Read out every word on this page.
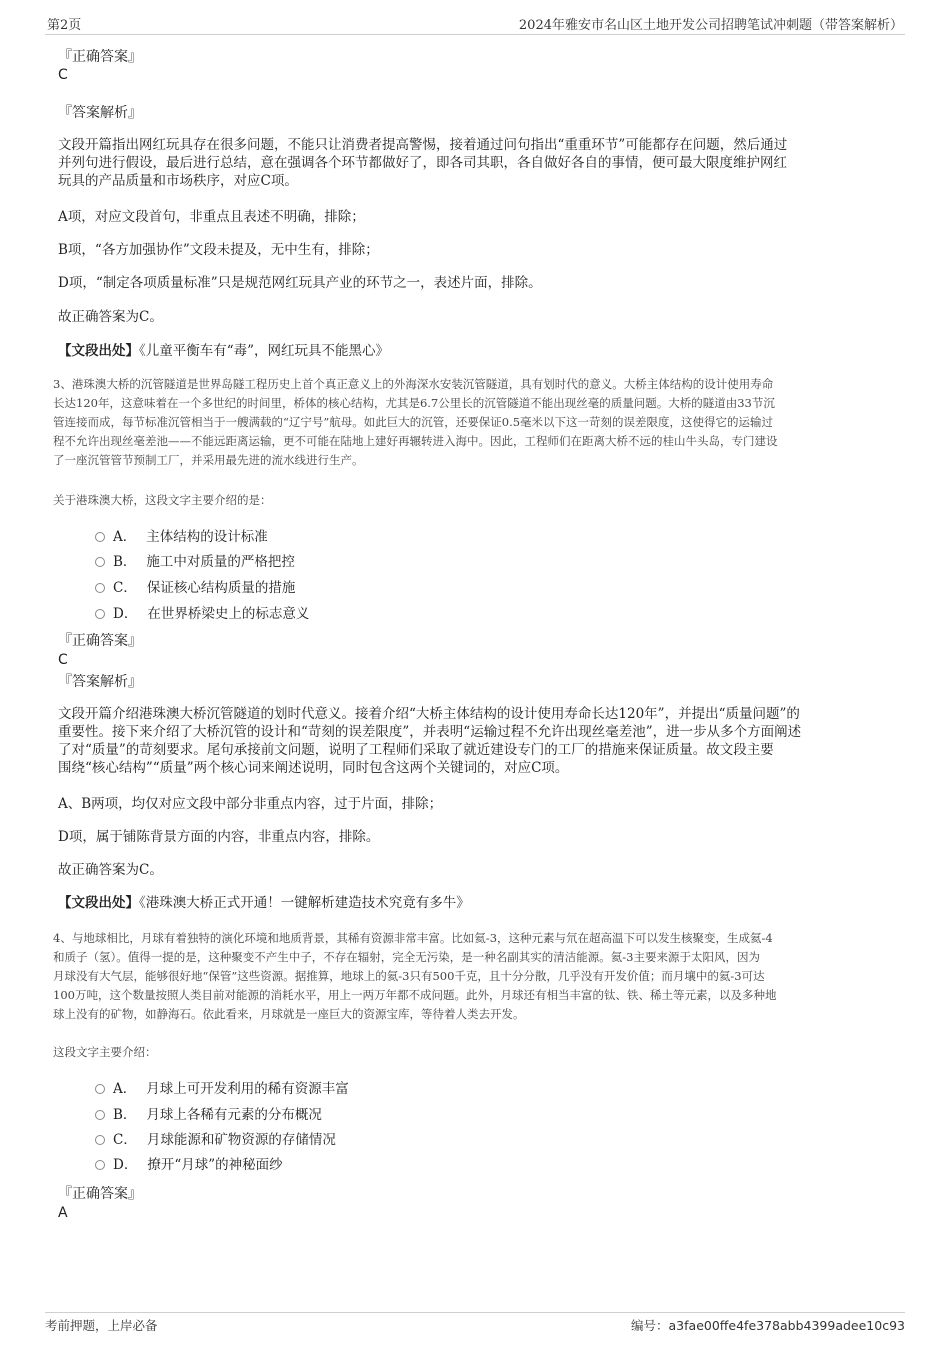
第2页	2024年雅安市名山区土地开发公司招聘笔试冲刺题（带答案解析）
『正确答案』
C
『答案解析』
文段开篇指出网红玩具存在很多问题，不能只让消费者提高警惕，接着通过问句指出“重重环节”可能都存在问题，然后通过
并列句进行假设，最后进行总结，意在强调各个环节都做好了，即各司其职，各自做好各自的事情，便可最大限度维护网红
玩具的产品质量和市场秩序，对应C项。
A项，对应文段首句，非重点且表述不明确，排除；
B项，“各方加强协作”文段未提及，无中生有，排除；
D项，“制定各项质量标准”只是规范网红玩具产业的环节之一，表述片面，排除。
故正确答案为C。
【文段出处】《儿童平衡车有“毒”，网红玩具不能黑心》
3、港珠澳大桥的沉管隧道是世界岛隧工程历史上首个真正意义上的外海深水安装沉管隧道，具有划时代的意义。大桥主体结构的设计使用寿命
长达120年，这意味着在一个多世纪的时间里，桥体的核心结构，尤其是6.7公里长的沉管隧道不能出现丝毫的质量问题。大桥的隧道由33节沉
管连接而成，每节标准沉管相当于一艘满载的“辽宁号”航母。如此巨大的沉管，还要保证0.5毫米以下这一苛刻的误差限度，这使得它的运输过
程不允许出现丝毫差池——不能远距离运输，更不可能在陆地上建好再辗转进入海中。因此，工程师们在距离大桥不远的桂山牛头岛，专门建设
了一座沉管管节预制工厂，并采用最先进的流水线进行生产。
关于港珠澳大桥，这段文字主要介绍的是：
A． 主体结构的设计标准
B． 施工中对质量的严格把控
C． 保证核心结构质量的措施
D． 在世界桥梁史上的标志意义
『正确答案』
C
『答案解析』
文段开篇介绍港珠澳大桥沉管隧道的划时代意义。接着介绍“大桥主体结构的设计使用寿命长达120年”，并提出“质量问题”的
重要性。接下来介绍了大桥沉管的设计和“苛刻的误差限度”，并表明“运输过程不允许出现丝毫差池”，进一步从多个方面阐述
了对“质量”的苛刻要求。尾句承接前文问题，说明了工程师们采取了就近建设专门的工厂的措施来保证质量。故文段主要
围绕“核心结构”“质量”两个核心词来阐述说明，同时包含这两个关键词的，对应C项。
A、B两项，均仅对应文段中部分非重点内容，过于片面，排除；
D项，属于铺陈背景方面的内容，非重点内容，排除。
故正确答案为C。
【文段出处】《港珠澳大桥正式开通！一键解析建造技术究竟有多牛》
4、与地球相比，月球有着独特的演化环境和地质背景，其稀有资源非常丰富。比如氦-3，这种元素与氘在超高温下可以发生核聚变，生成氦-4
和质子（氢）。值得一提的是，这种聚变不产生中子，不存在辐射，完全无污染，是一种名副其实的清洁能源。氦-3主要来源于太阳风，因为
月球没有大气层，能够很好地“保管”这些资源。据推算，地球上的氦-3只有500千克，且十分分散，几乎没有开发价值；而月壤中的氦-3可达
100万吨，这个数量按照人类目前对能源的消耗水平，用上一两万年都不成问题。此外，月球还有相当丰富的钛、铁、稀土等元素，以及多种地
球上没有的矿物，如静海石。依此看来，月球就是一座巨大的资源宝库，等待着人类去开发。
这段文字主要介绍：
A． 月球上可开发利用的稀有资源丰富
B． 月球上各稀有元素的分布概况
C． 月球能源和矿物资源的存储情况
D． 撩开“月球”的神秘面纱
『正确答案』
A
考前押题，上岸必备	编号：a3fae00ffe4fe378abb4399adee10c93
